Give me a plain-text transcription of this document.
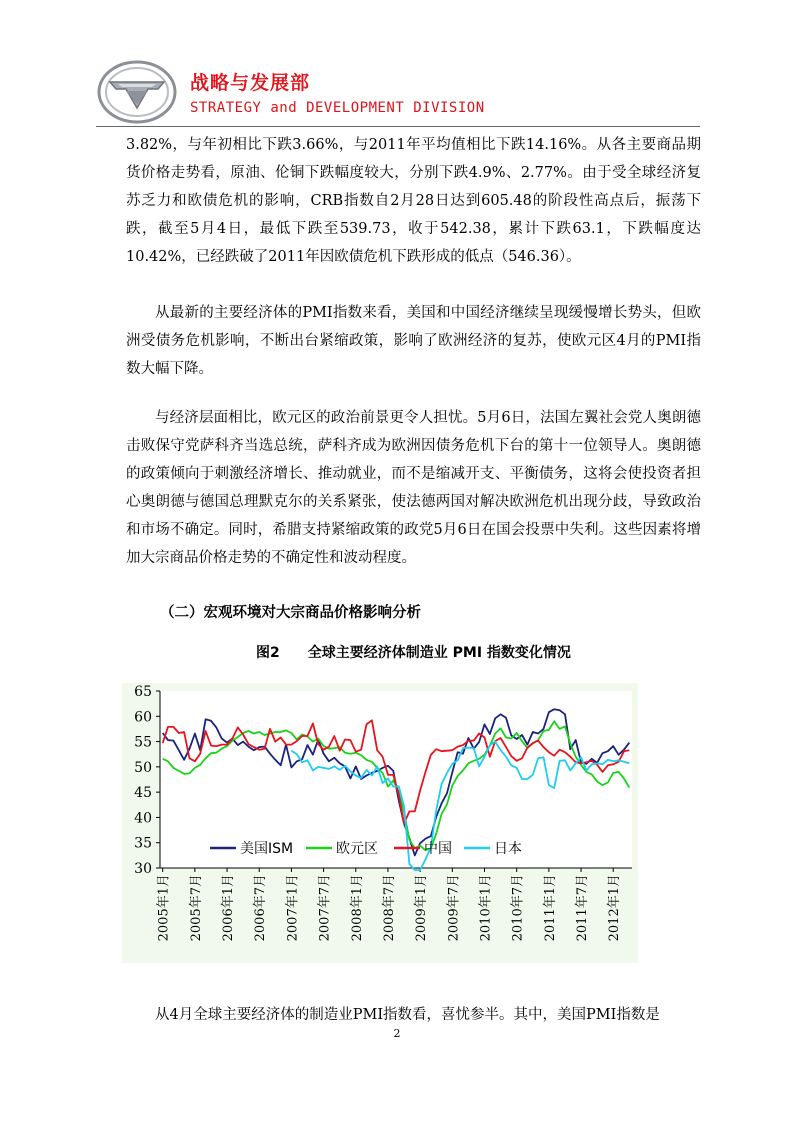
战略与发展部
STRATEGY and DEVELOPMENT DIVISION

3.82%，与年初相比下跌3.66%，与2011年平均值相比下跌14.16%。从各主要商品期货价格走势看，原油、伦铜下跌幅度较大，分别下跌4.9%、2.77%。由于受全球经济复苏乏力和欧债危机的影响，CRB指数自2月28日达到605.48的阶段性高点后，振荡下跌，截至5月4日，最低下跌至539.73，收于542.38，累计下跌63.1，下跌幅度达10.42%，已经跌破了2011年因欧债危机下跌形成的低点（546.36）。

从最新的主要经济体的PMI指数来看，美国和中国经济继续呈现缓慢增长势头，但欧洲受债务危机影响，不断出台紧缩政策，影响了欧洲经济的复苏，使欧元区4月的PMI指数大幅下降。

与经济层面相比，欧元区的政治前景更令人担忧。5月6日，法国左翼社会党人奥朗德击败保守党萨科齐当选总统，萨科齐成为欧洲因债务危机下台的第十一位领导人。奥朗德的政策倾向于刺激经济增长、推动就业，而不是缩减开支、平衡债务，这将会使投资者担心奥朗德与德国总理默克尔的关系紧张，使法德两国对解决欧洲危机出现分歧，导致政治和市场不确定。同时，希腊支持紧缩政策的政党5月6日在国会投票中失利。这些因素将增加大宗商品价格走势的不确定性和波动程度。

（二）宏观环境对大宗商品价格影响分析
图2　　全球主要经济体制造业 PMI 指数变化情况
30
35
40
45
50
55
60
65
2005年1月 2005年7月 2006年1月 2006年7月 2007年1月 2007年7月 2008年1月 2008年7月 2009年1月 2009年7月 2010年1月 2010年7月 2011年1月 2011年7月 2012年1月
美国ISM	欧元区	中国	日本

从4月全球主要经济体的制造业PMI指数看，喜忧参半。其中，美国PMI指数是

2
